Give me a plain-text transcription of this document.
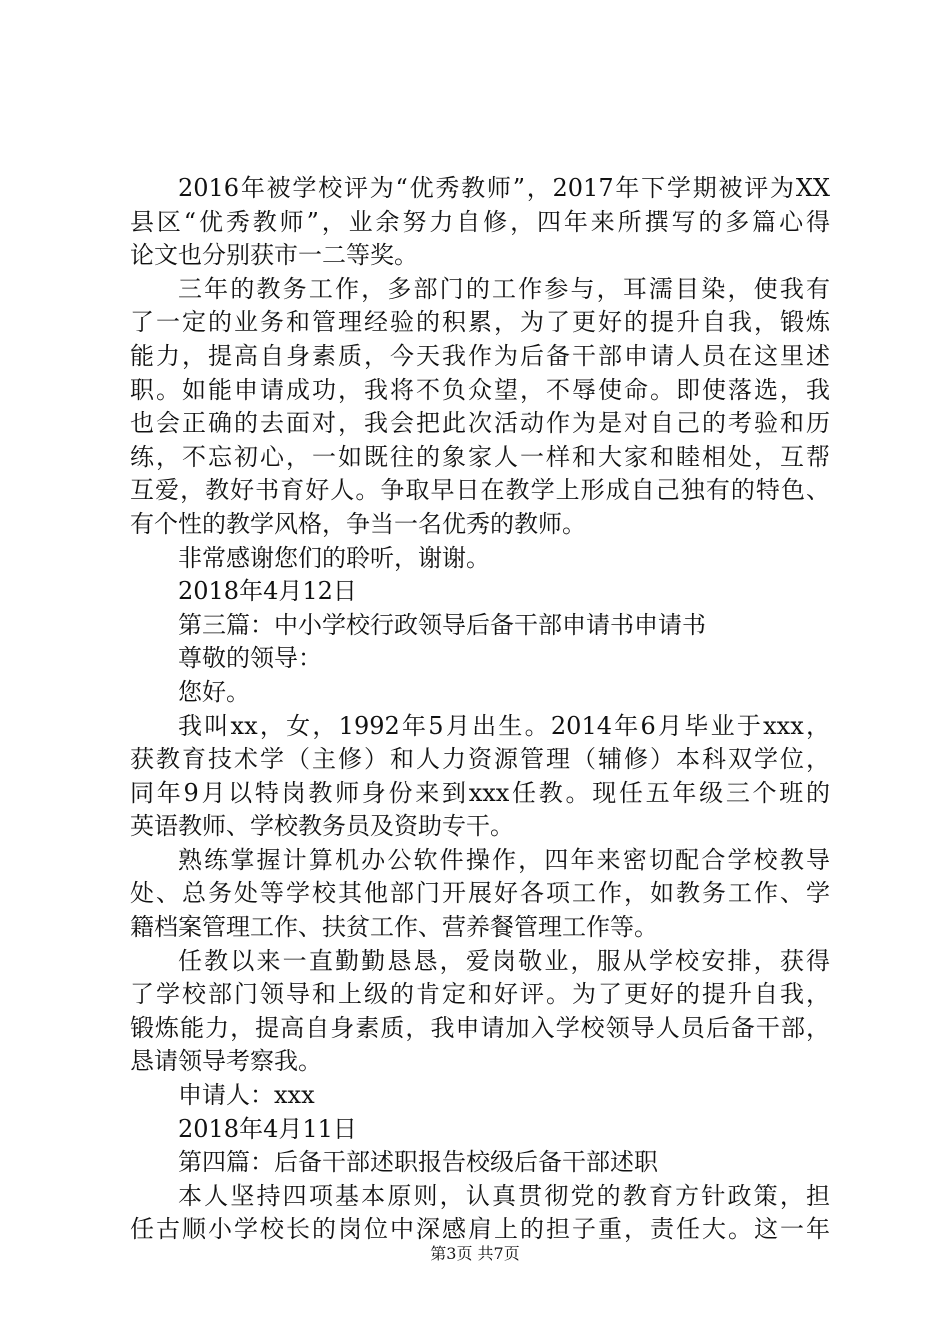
2016年被学校评为“优秀教师”，2017年下学期被评为XX
县区“优秀教师”，业余努力自修，四年来所撰写的多篇心得
论文也分别获市一二等奖。
三年的教务工作，多部门的工作参与，耳濡目染，使我有
了一定的业务和管理经验的积累，为了更好的提升自我，锻炼
能力，提高自身素质，今天我作为后备干部申请人员在这里述
职。如能申请成功，我将不负众望，不辱使命。即使落选，我
也会正确的去面对，我会把此次活动作为是对自己的考验和历
练，不忘初心，一如既往的象家人一样和大家和睦相处，互帮
互爱，教好书育好人。争取早日在教学上形成自己独有的特色、
有个性的教学风格，争当一名优秀的教师。
非常感谢您们的聆听，谢谢。
2018年4月12日
第三篇：中小学校行政领导后备干部申请书申请书
尊敬的领导：
您好。
我叫xx，女，1992年5月出生。2014年6月毕业于xxx，
获教育技术学（主修）和人力资源管理（辅修）本科双学位，
同年9月以特岗教师身份来到xxx任教。现任五年级三个班的
英语教师、学校教务员及资助专干。
熟练掌握计算机办公软件操作，四年来密切配合学校教导
处、总务处等学校其他部门开展好各项工作，如教务工作、学
籍档案管理工作、扶贫工作、营养餐管理工作等。
任教以来一直勤勤恳恳，爱岗敬业，服从学校安排，获得
了学校部门领导和上级的肯定和好评。为了更好的提升自我，
锻炼能力，提高自身素质，我申请加入学校领导人员后备干部，
恳请领导考察我。
申请人：xxx
2018年4月11日
第四篇：后备干部述职报告校级后备干部述职
本人坚持四项基本原则，认真贯彻党的教育方针政策，担
任古顺小学校长的岗位中深感肩上的担子重，责任大。这一年
第3页 共7页
